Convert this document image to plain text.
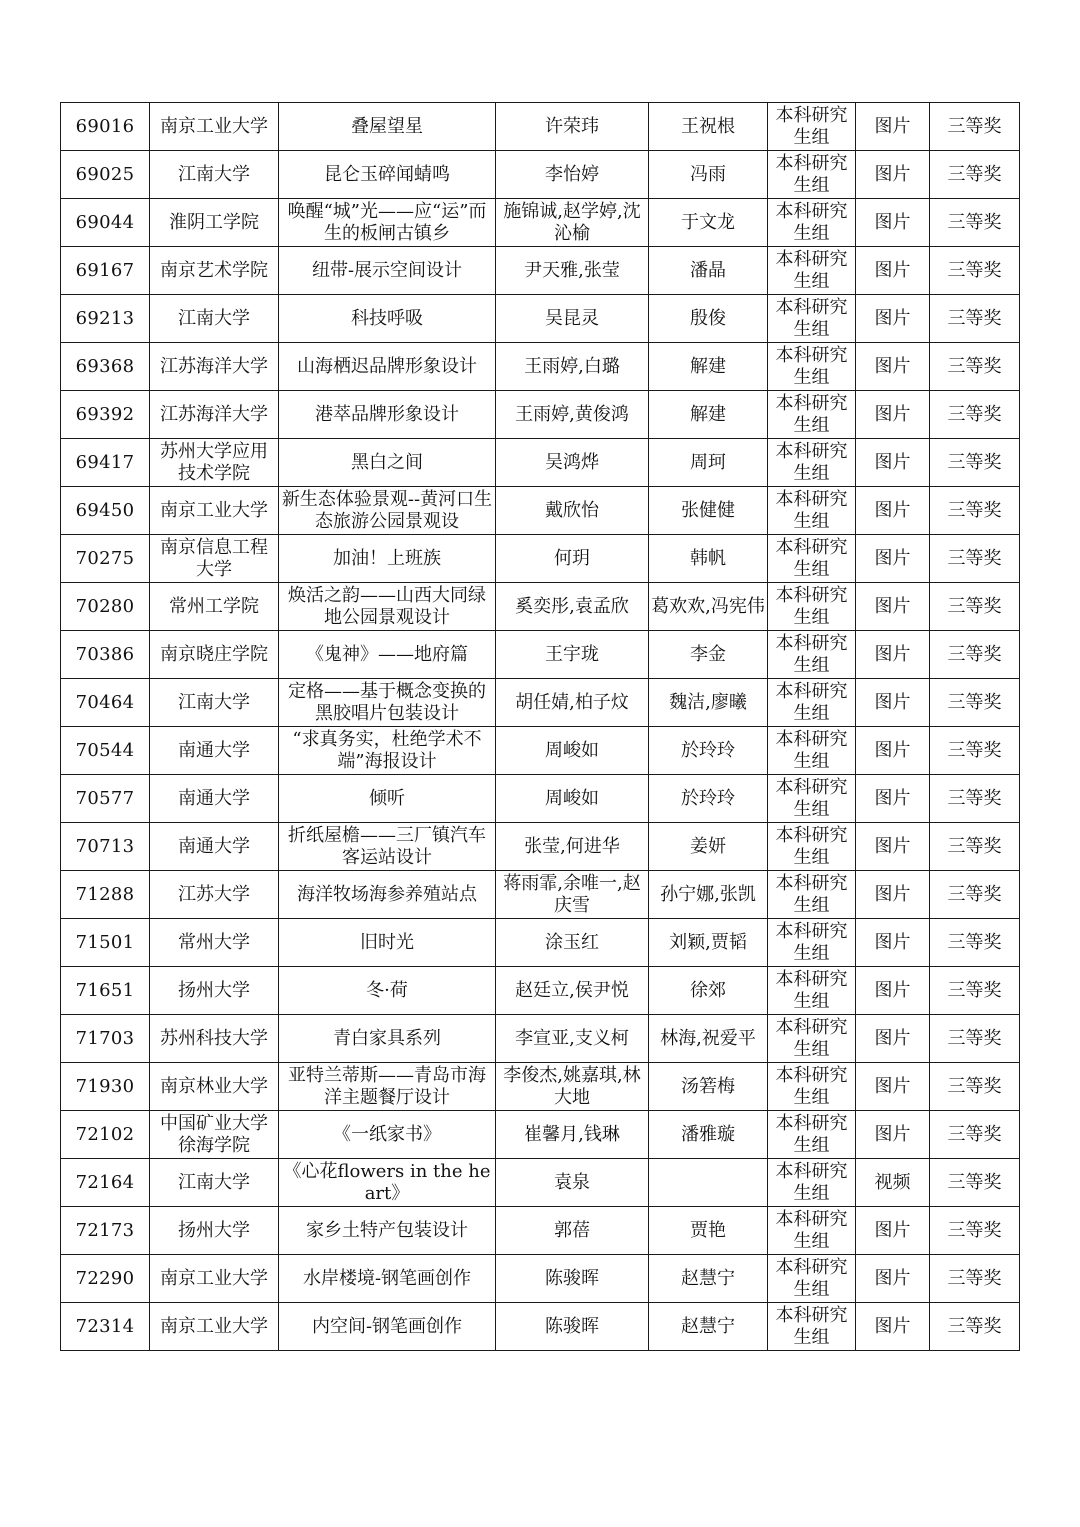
69016	南京工业大学	叠屋望星	许荣玮	王祝根	本科研究生组	图片	三等奖
69025	江南大学	昆仑玉碎闻蜻鸣	李怡婷	冯雨	本科研究生组	图片	三等奖
69044	淮阴工学院	唤醒“城”光——应“运”而生的板闸古镇乡	施锦诚,赵学婷,沈沁榆	于文龙	本科研究生组	图片	三等奖
69167	南京艺术学院	纽带-展示空间设计	尹天雅,张莹	潘晶	本科研究生组	图片	三等奖
69213	江南大学	科技呼吸	吴昆灵	殷俊	本科研究生组	图片	三等奖
69368	江苏海洋大学	山海栖迟品牌形象设计	王雨婷,白璐	解建	本科研究生组	图片	三等奖
69392	江苏海洋大学	港萃品牌形象设计	王雨婷,黄俊鸿	解建	本科研究生组	图片	三等奖
69417	苏州大学应用技术学院	黑白之间	吴鸿烨	周珂	本科研究生组	图片	三等奖
69450	南京工业大学	新生态体验景观--黄河口生态旅游公园景观设	戴欣怡	张健健	本科研究生组	图片	三等奖
70275	南京信息工程大学	加油！上班族	何玥	韩帆	本科研究生组	图片	三等奖
70280	常州工学院	焕活之韵——山西大同绿地公园景观设计	奚奕彤,袁孟欣	葛欢欢,冯宪伟	本科研究生组	图片	三等奖
70386	南京晓庄学院	《鬼神》——地府篇	王宇珑	李金	本科研究生组	图片	三等奖
70464	江南大学	定格——基于概念变换的黑胶唱片包装设计	胡任婧,柏子炆	魏洁,廖曦	本科研究生组	图片	三等奖
70544	南通大学	“求真务实，杜绝学术不端”海报设计	周峻如	於玲玲	本科研究生组	图片	三等奖
70577	南通大学	倾听	周峻如	於玲玲	本科研究生组	图片	三等奖
70713	南通大学	折纸屋檐——三厂镇汽车客运站设计	张莹,何进华	姜妍	本科研究生组	图片	三等奖
71288	江苏大学	海洋牧场海参养殖站点	蒋雨霏,余唯一,赵庆雪	孙宁娜,张凯	本科研究生组	图片	三等奖
71501	常州大学	旧时光	涂玉红	刘颖,贾韬	本科研究生组	图片	三等奖
71651	扬州大学	冬·荷	赵廷立,侯尹悦	徐郊	本科研究生组	图片	三等奖
71703	苏州科技大学	青白家具系列	李宣亚,支义柯	林海,祝爱平	本科研究生组	图片	三等奖
71930	南京林业大学	亚特兰蒂斯——青岛市海洋主题餐厅设计	李俊杰,姚嘉琪,林大地	汤箬梅	本科研究生组	图片	三等奖
72102	中国矿业大学徐海学院	《一纸家书》	崔馨月,钱琳	潘雅璇	本科研究生组	图片	三等奖
72164	江南大学	《心花flowers in the heart》	袁泉		本科研究生组	视频	三等奖
72173	扬州大学	家乡土特产包装设计	郭蓓	贾艳	本科研究生组	图片	三等奖
72290	南京工业大学	水岸楼境-钢笔画创作	陈骏晖	赵慧宁	本科研究生组	图片	三等奖
72314	南京工业大学	内空间-钢笔画创作	陈骏晖	赵慧宁	本科研究生组	图片	三等奖
